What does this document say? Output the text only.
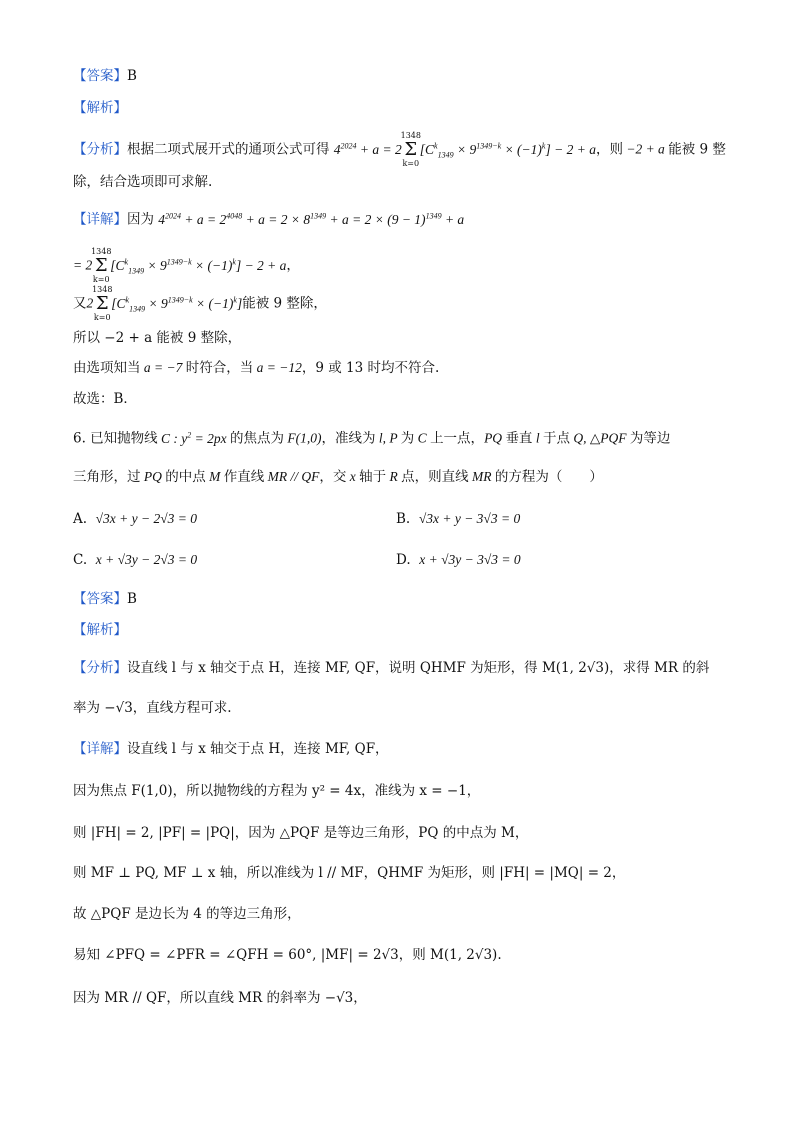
【答案】B
【解析】
【分析】根据二项式展开式的通项公式可得 $4^{2024} + a = 2$
1348
Σ
k=0
$[C^k_{1349} \times 9^{1349-k} \times (-1)^k] - 2 + a$，则 −2 + a 能被 9 整
除，结合选项即可求解.
【详解】因为 $4^{2024} + a = 2^{4048} + a = 2 \times 8^{1349} + a = 2 \times (9 - 1)^{1349} + a$
= 2
1348
Σ
k=0
$[C^k_{1349} \times 9^{1349-k} \times (-1)^k] - 2 + a$，
又2
1348
Σ
k=0
$[C^k_{1349} \times 9^{1349-k} \times (-1)^k]$能被 9 整除，
所以 −2 + a 能被 9 整除，
由选项知当 a = −7 时符合，当 a = −12，9 或 13 时均不符合.
故选：B．
6. 已知抛物线 C : $y^2 = 2px$ 的焦点为 F(1,0)，准线为 l, P 为 C 上一点，PQ 垂直 l 于点 Q, △PQF 为等边
三角形，过 PQ 的中点 M 作直线 MR // QF，交 x 轴于 R 点，则直线 MR 的方程为（　　）
A. √3x + y − 2√3 = 0	B. √3x + y − 3√3 = 0
C. x + √3y − 2√3 = 0	D. x + √3y − 3√3 = 0
【答案】B
【解析】
【分析】设直线 l 与 x 轴交于点 H，连接 MF, QF，说明 QHMF 为矩形，得 M(1, 2√3)，求得 MR 的斜
率为 −√3，直线方程可求.
【详解】设直线 l 与 x 轴交于点 H，连接 MF, QF，
因为焦点 F(1,0)，所以抛物线的方程为 y² = 4x，准线为 x = −1，
则 |FH| = 2, |PF| = |PQ|，因为 △PQF 是等边三角形，PQ 的中点为 M，
则 MF ⊥ PQ, MF ⊥ x 轴，所以准线为 l // MF，QHMF 为矩形，则 |FH| = |MQ| = 2，
故 △PQF 是边长为 4 的等边三角形，
易知 ∠PFQ = ∠PFR = ∠QFH = 60°, |MF| = 2√3，则 M(1, 2√3).
因为 MR // QF，所以直线 MR 的斜率为 −√3，
